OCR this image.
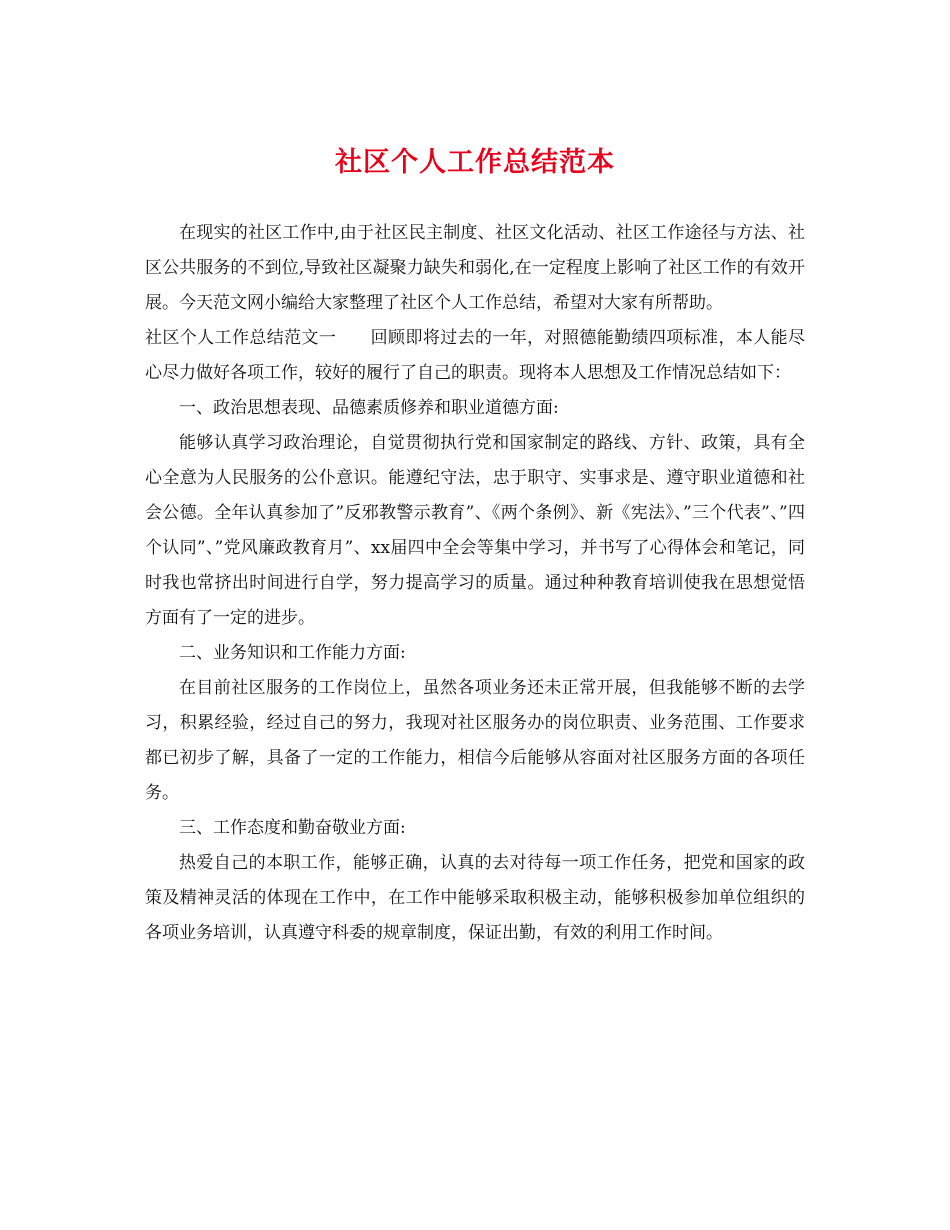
社区个人工作总结范本

在现实的社区工作中,由于社区民主制度、社区文化活动、社区工作途径与方法、社区公共服务的不到位,导致社区凝聚力缺失和弱化,在一定程度上影响了社区工作的有效开展。今天范文网小编给大家整理了社区个人工作总结，希望对大家有所帮助。

社区个人工作总结范文一 回顾即将过去的一年，对照德能勤绩四项标准，本人能尽心尽力做好各项工作，较好的履行了自己的职责。现将本人思想及工作情况总结如下：

一、政治思想表现、品德素质修养和职业道德方面:

能够认真学习政治理论，自觉贯彻执行党和国家制定的路线、方针、政策，具有全心全意为人民服务的公仆意识。能遵纪守法，忠于职守、实事求是、遵守职业道德和社会公德。全年认真参加了”反邪教警示教育”、《两个条例》、新《宪法》、”三个代表”、”四个认同”、”党风廉政教育月”、xx届四中全会等集中学习，并书写了心得体会和笔记，同时我也常挤出时间进行自学，努力提高学习的质量。通过种种教育培训使我在思想觉悟方面有了一定的进步。

二、业务知识和工作能力方面:

在目前社区服务的工作岗位上，虽然各项业务还未正常开展，但我能够不断的去学习，积累经验，经过自己的努力，我现对社区服务办的岗位职责、业务范围、工作要求都已初步了解，具备了一定的工作能力，相信今后能够从容面对社区服务方面的各项任务。

三、工作态度和勤奋敬业方面:

热爱自己的本职工作，能够正确，认真的去对待每一项工作任务，把党和国家的政策及精神灵活的体现在工作中，在工作中能够采取积极主动，能够积极参加单位组织的各项业务培训，认真遵守科委的规章制度，保证出勤，有效的利用工作时间。
